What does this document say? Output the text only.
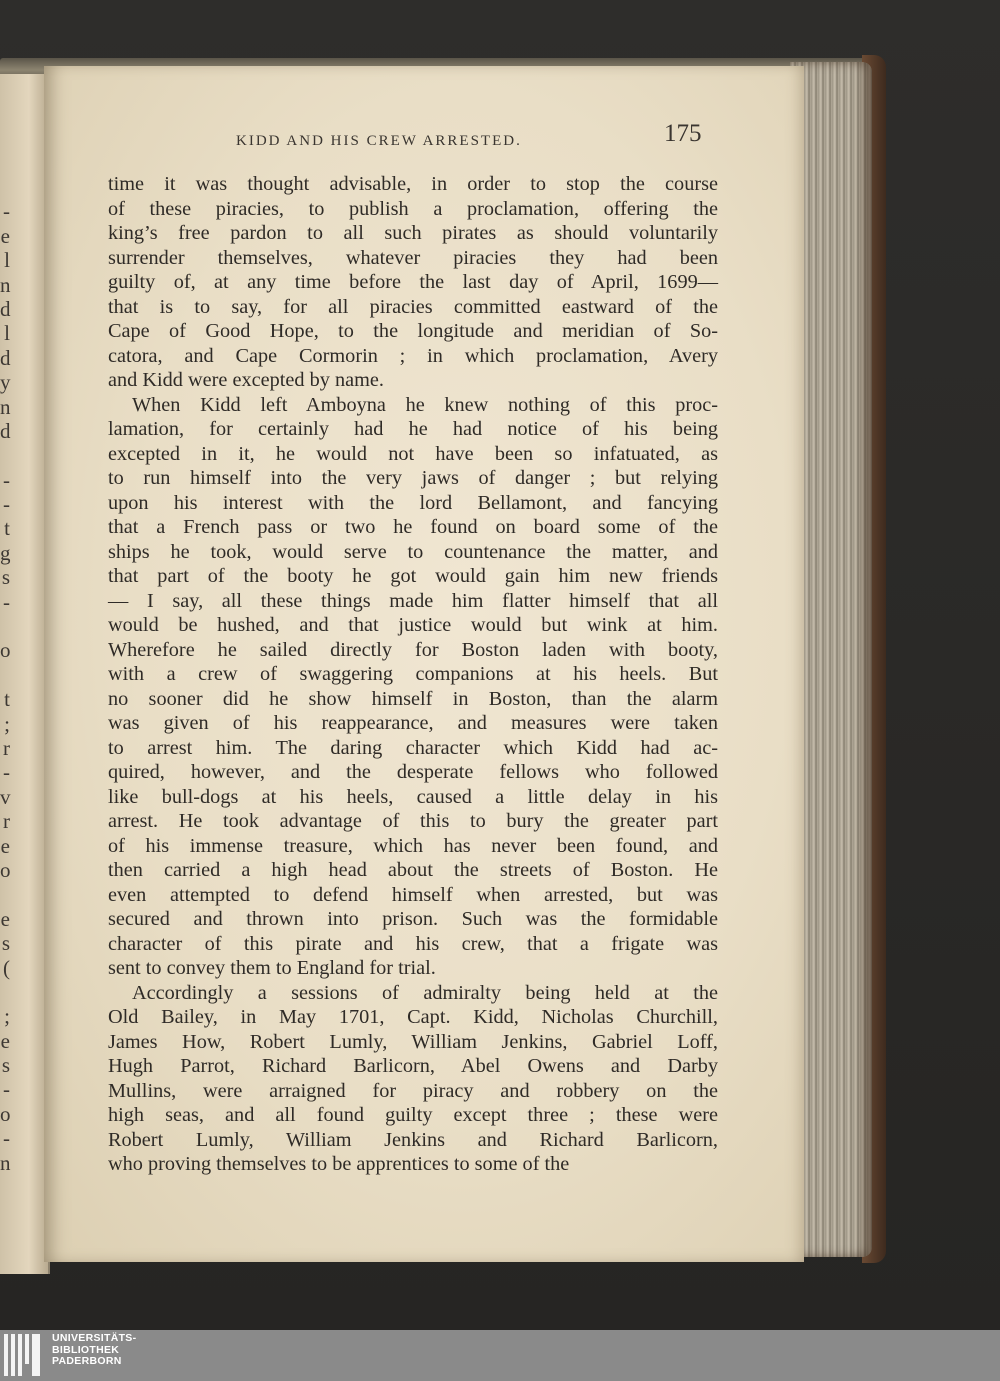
-
e
l
n
d
l
d
y
n
d
-
-
t
g
s
-
o
t
;
r
-
v
r
e
o
e
s
(
;
e
s
-
o
-
n
KIDD AND HIS CREW ARRESTED.	175
time it was thought advisable, in order to stop the course
of these piracies, to publish a proclamation, offering the
king’s free pardon to all such pirates as should voluntarily
surrender themselves, whatever piracies they had been
guilty of, at any time before the last day of April, 1699—
that is to say, for all piracies committed eastward of the
Cape of Good Hope, to the longitude and meridian of So-
catora, and Cape Cormorin ; in which proclamation, Avery
and Kidd were excepted by name.
When Kidd left Amboyna he knew nothing of this proc-
lamation, for certainly had he had notice of his being
excepted in it, he would not have been so infatuated, as
to run himself into the very jaws of danger ; but relying
upon his interest with the lord Bellamont, and fancying
that a French pass or two he found on board some of the
ships he took, would serve to countenance the matter, and
that part of the booty he got would gain him new friends
— I say, all these things made him flatter himself that all
would be hushed, and that justice would but wink at him.
Wherefore he sailed directly for Boston laden with booty,
with a crew of swaggering companions at his heels. But
no sooner did he show himself in Boston, than the alarm
was given of his reappearance, and measures were taken
to arrest him. The daring character which Kidd had ac-
quired, however, and the desperate fellows who followed
like bull-dogs at his heels, caused a little delay in his
arrest. He took advantage of this to bury the greater part
of his immense treasure, which has never been found, and
then carried a high head about the streets of Boston. He
even attempted to defend himself when arrested, but was
secured and thrown into prison. Such was the formidable
character of this pirate and his crew, that a frigate was
sent to convey them to England for trial.
Accordingly a sessions of admiralty being held at the
Old Bailey, in May 1701, Capt. Kidd, Nicholas Churchill,
James How, Robert Lumly, William Jenkins, Gabriel Loff,
Hugh Parrot, Richard Barlicorn, Abel Owens and Darby
Mullins, were arraigned for piracy and robbery on the
high seas, and all found guilty except three ; these were
Robert Lumly, William Jenkins and Richard Barlicorn,
who proving themselves to be apprentices to some of the
UNIVERSITÄTS-
BIBLIOTHEK
PADERBORN
